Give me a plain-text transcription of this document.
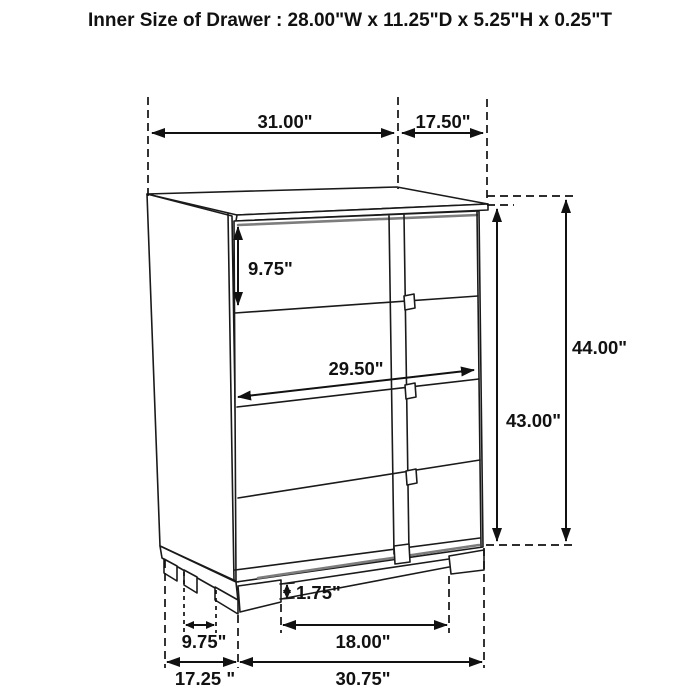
Inner Size of Drawer : 28.00"W x 11.25"D x 5.25"H x 0.25"T
31.00"	17.50"
44.00"
43.00"
9.75"
29.50"
1.75"
9.75"	18.00"
17.25 "	30.75"
